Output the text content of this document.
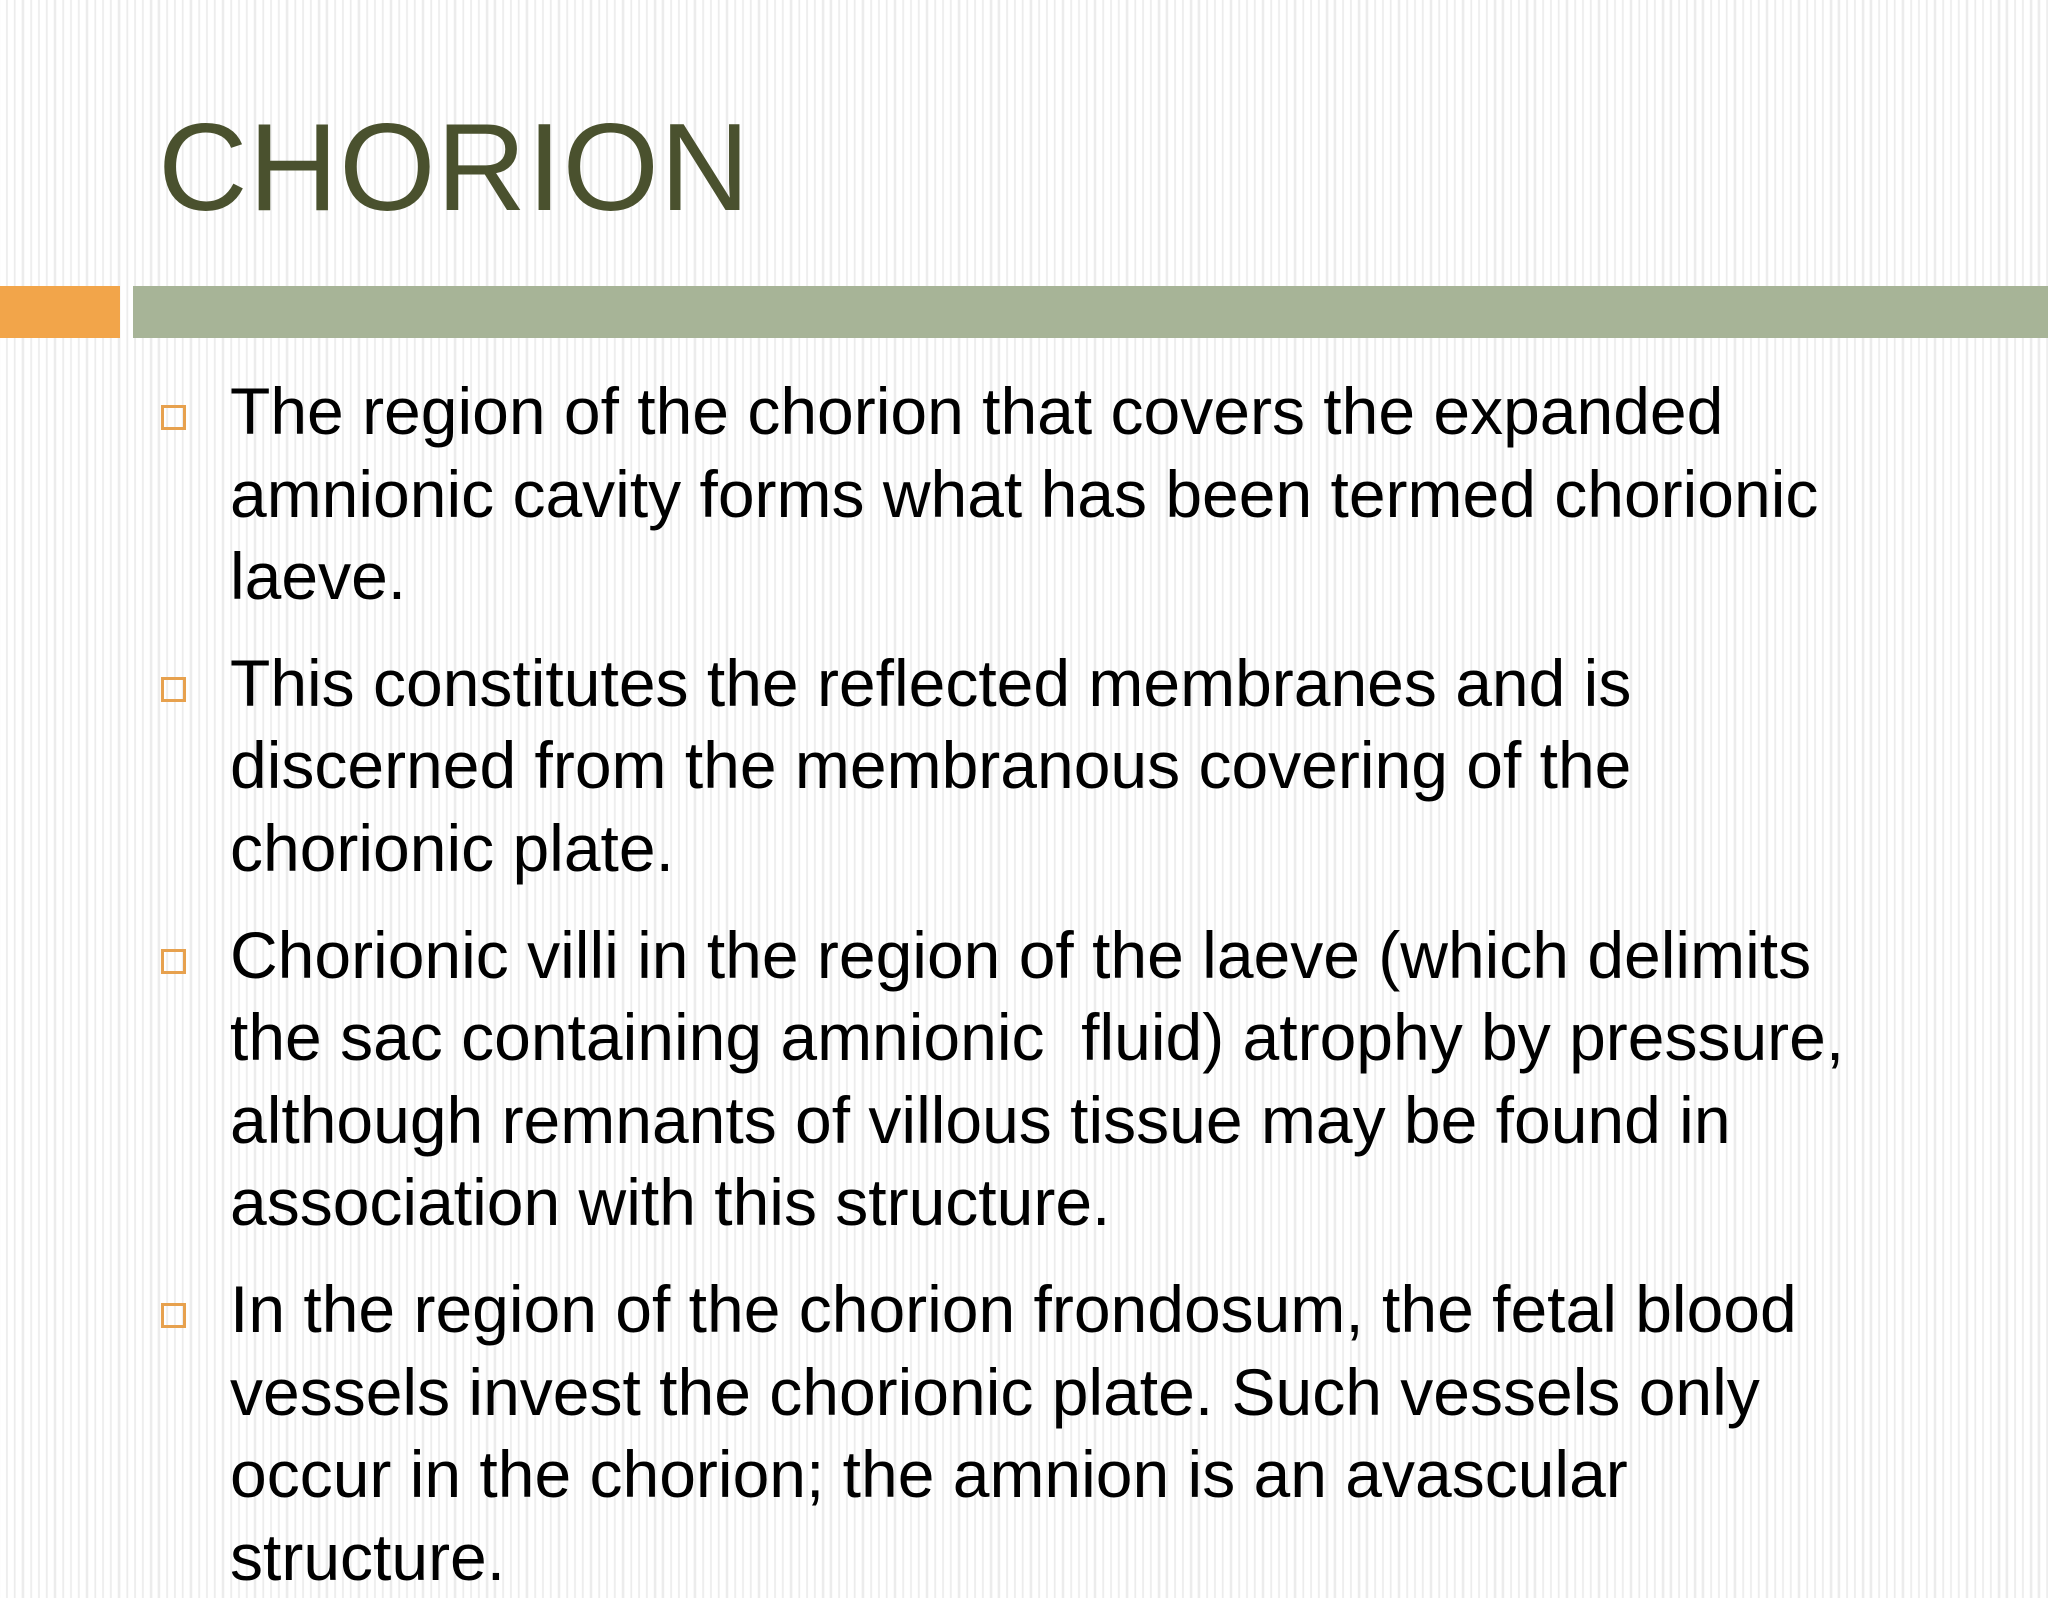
CHORION
The region of the chorion that covers the expanded
amnionic cavity forms what has been termed chorionic
laeve.
This constitutes the reflected membranes and is
discerned from the membranous covering of the
chorionic plate.
Chorionic villi in the region of the laeve (which delimits
the sac containing amnionic  fluid) atrophy by pressure,
although remnants of villous tissue may be found in
association with this structure.
In the region of the chorion frondosum, the fetal blood
vessels invest the chorionic plate. Such vessels only
occur in the chorion; the amnion is an avascular
structure.
